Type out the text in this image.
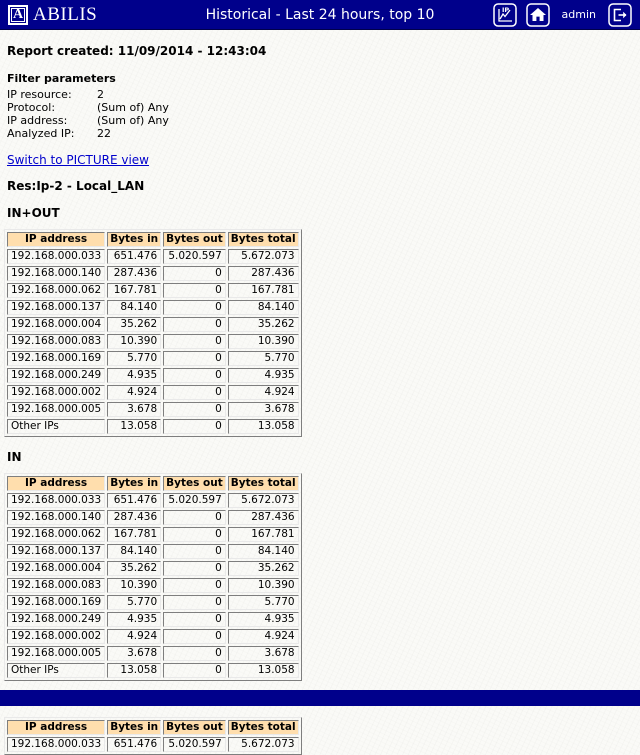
A ABILIS	Historical - Last 24 hours, top 10	IP	admin
Report created: 11/09/2014 - 12:43:04
Filter parameters
IP resource:	2
Protocol:	(Sum of) Any
IP address:	(Sum of) Any
Analyzed IP:	22
Switch to PICTURE view
Res:Ip-2 - Local_LAN
IN+OUT
IP address	Bytes in	Bytes out	Bytes total
192.168.000.033	651.476	5.020.597	5.672.073
192.168.000.140	287.436	0	287.436
192.168.000.062	167.781	0	167.781
192.168.000.137	84.140	0	84.140
192.168.000.004	35.262	0	35.262
192.168.000.083	10.390	0	10.390
192.168.000.169	5.770	0	5.770
192.168.000.249	4.935	0	4.935
192.168.000.002	4.924	0	4.924
192.168.000.005	3.678	0	3.678
Other IPs	13.058	0	13.058
IN
IP address	Bytes in	Bytes out	Bytes total
192.168.000.033	651.476	5.020.597	5.672.073
192.168.000.140	287.436	0	287.436
192.168.000.062	167.781	0	167.781
192.168.000.137	84.140	0	84.140
192.168.000.004	35.262	0	35.262
192.168.000.083	10.390	0	10.390
192.168.000.169	5.770	0	5.770
192.168.000.249	4.935	0	4.935
192.168.000.002	4.924	0	4.924
192.168.000.005	3.678	0	3.678
Other IPs	13.058	0	13.058
IP address	Bytes in	Bytes out	Bytes total
192.168.000.033	651.476	5.020.597	5.672.073
